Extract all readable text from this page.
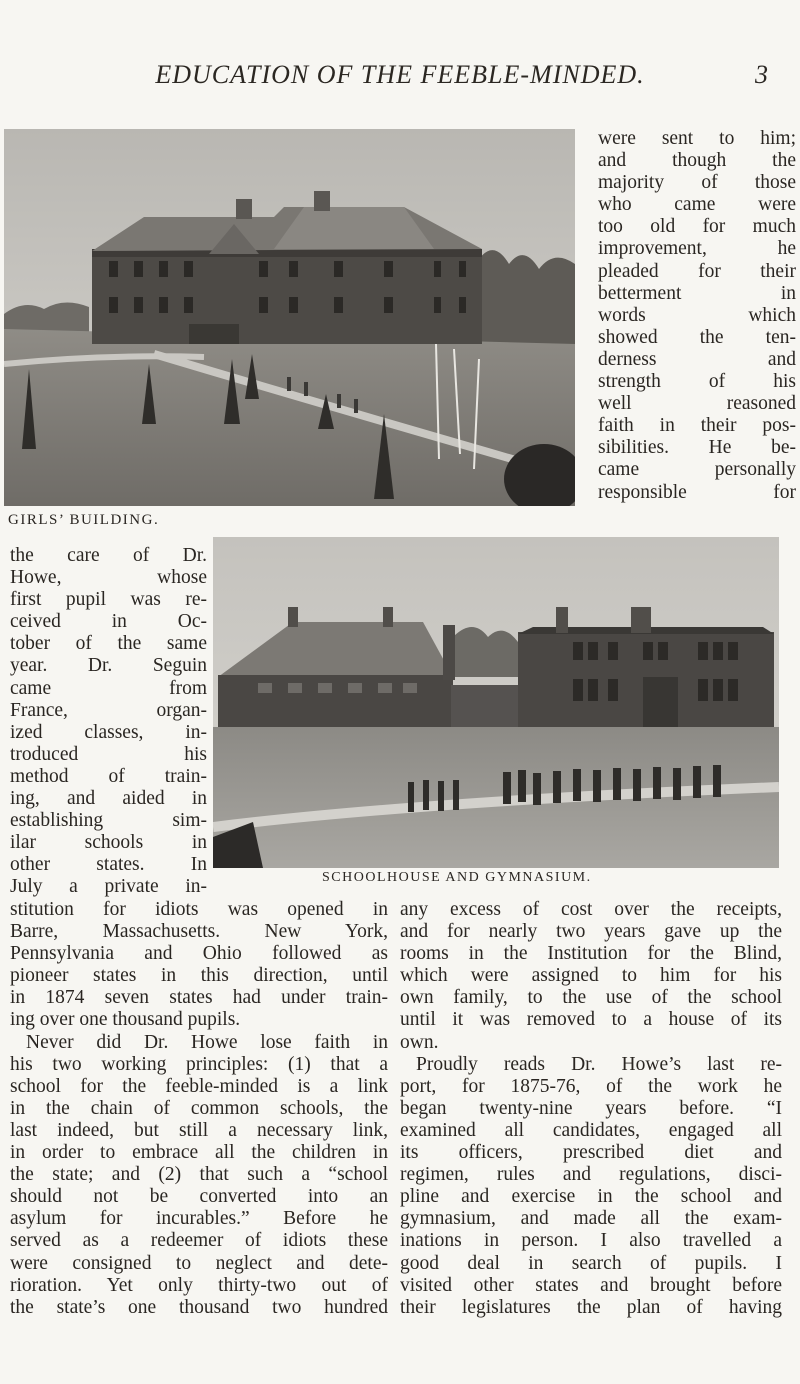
EDUCATION OF THE FEEBLE-MINDED.	3
GIRLS’ BUILDING.
SCHOOLHOUSE AND GYMNASIUM.
were sent to him;
and though the
majority of those
who came were
too old for much
improvement, he
pleaded for their
betterment in
words which
showed the ten-
derness and
strength of his
well reasoned
faith in their pos-
sibilities. He be-
came personally
responsible for
the care of Dr.
Howe, whose
first pupil was re-
ceived in Oc-
tober of the same
year. Dr. Seguin
came from
France, organ-
ized classes, in-
troduced his
method of train-
ing, and aided in
establishing sim-
ilar schools in
other states. In
July a private in-
stitution for idiots was opened in
Barre, Massachusetts. New York,
Pennsylvania and Ohio followed as
pioneer states in this direction, until
in 1874 seven states had under train-
ing over one thousand pupils.
Never did Dr. Howe lose faith in
his two working principles: (1) that a
school for the feeble-minded is a link
in the chain of common schools, the
last indeed, but still a necessary link,
in order to embrace all the children in
the state; and (2) that such a “school
should not be converted into an
asylum for incurables.” Before he
served as a redeemer of idiots these
were consigned to neglect and dete-
rioration. Yet only thirty-two out of
the state’s one thousand two hundred
any excess of cost over the receipts,
and for nearly two years gave up the
rooms in the Institution for the Blind,
which were assigned to him for his
own family, to the use of the school
until it was removed to a house of its
own.
Proudly reads Dr. Howe’s last re-
port, for 1875-76, of the work he
began twenty-nine years before. “I
examined all candidates, engaged all
its officers, prescribed diet and
regimen, rules and regulations, disci-
pline and exercise in the school and
gymnasium, and made all the exam-
inations in person. I also travelled a
good deal in search of pupils. I
visited other states and brought before
their legislatures the plan of having
